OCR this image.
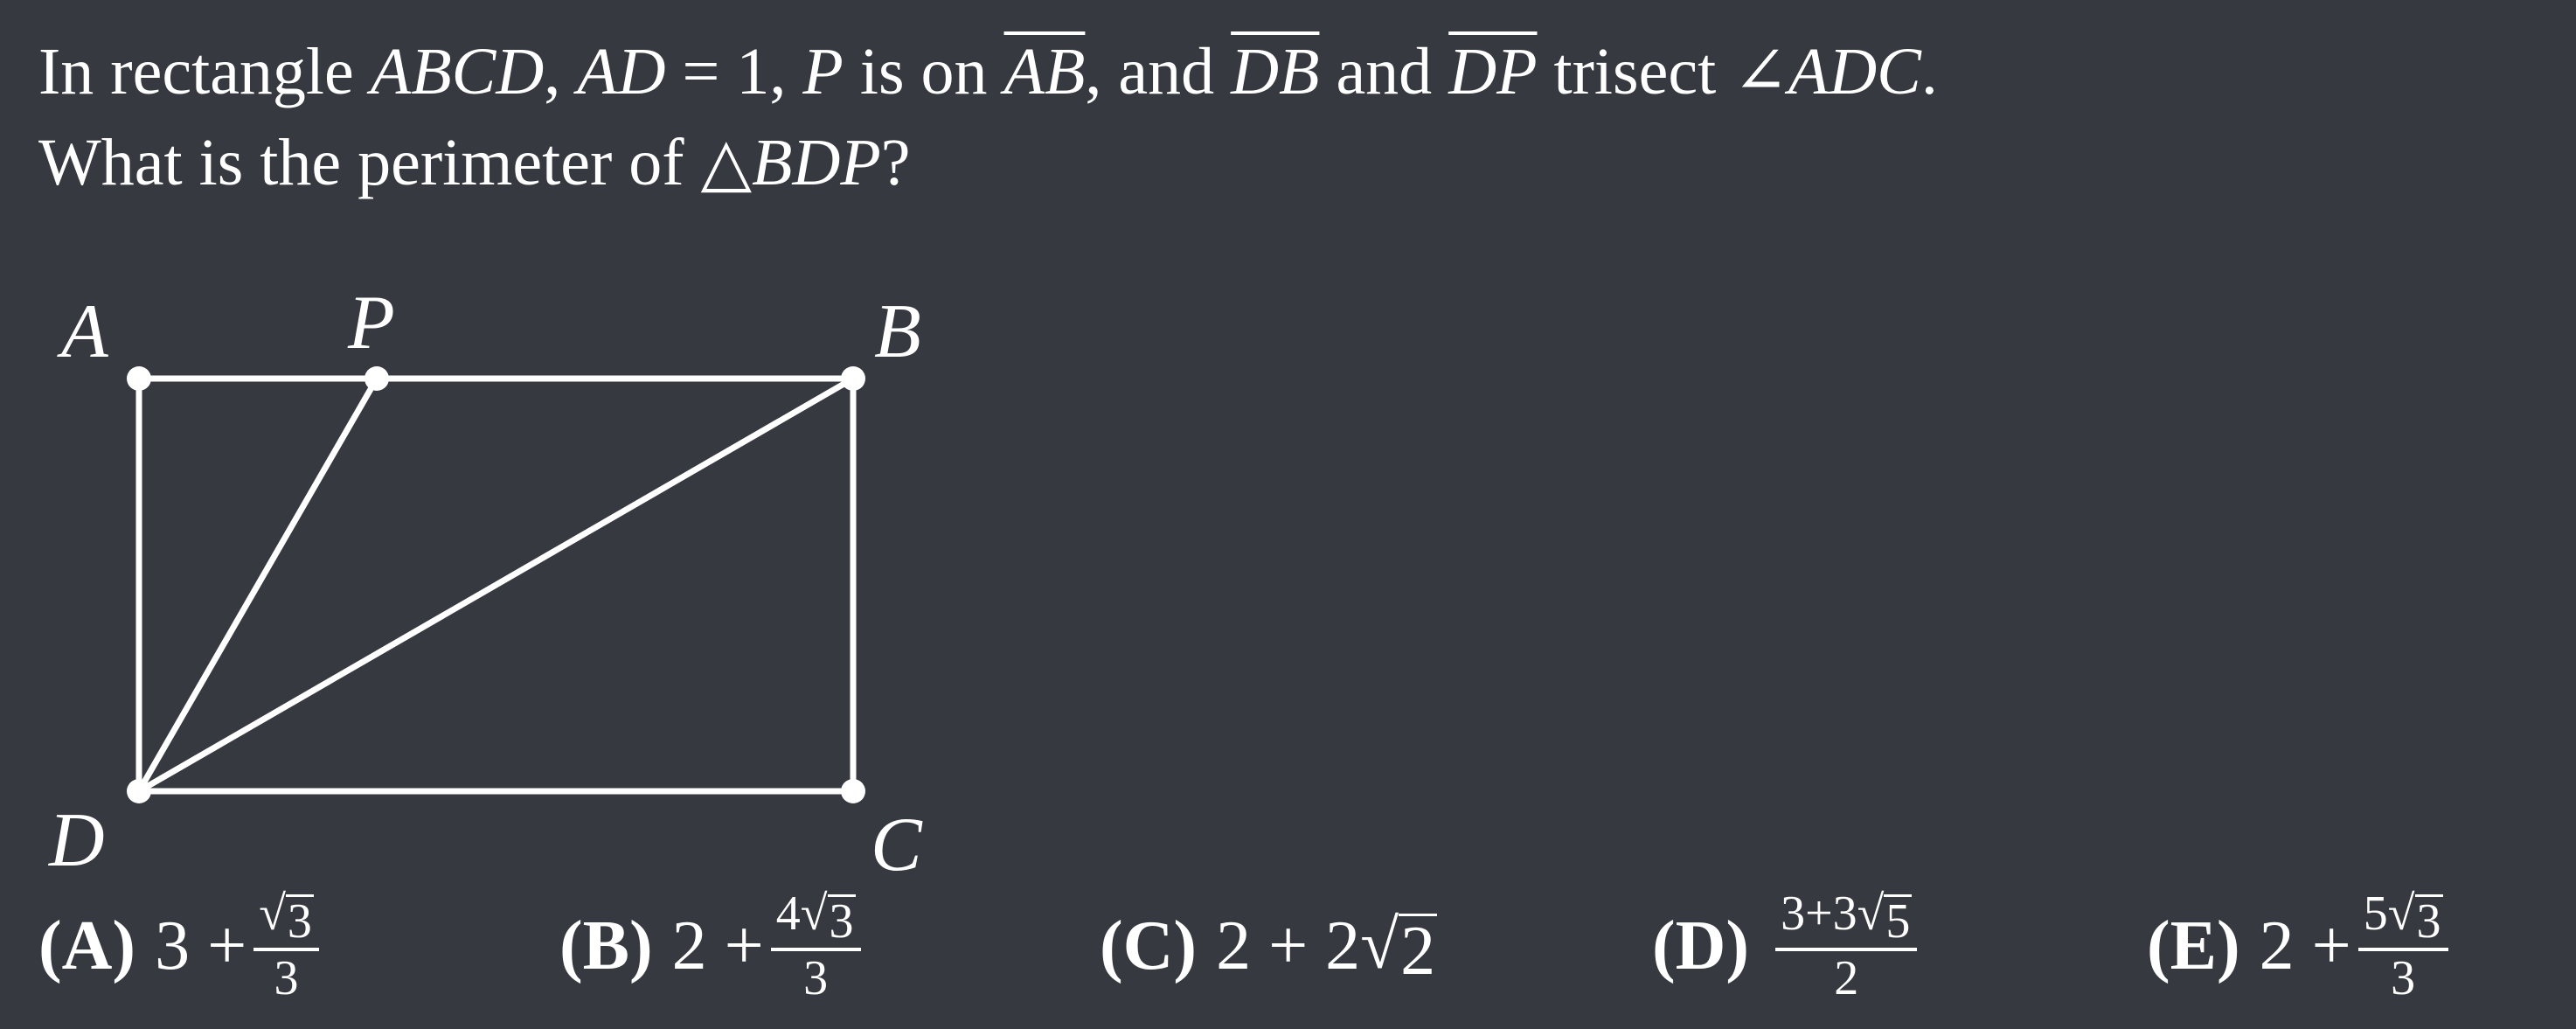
In rectangle ABCD, AD = 1, P is on $\overline{AB}$, and $\overline{DB}$ and $\overline{DP}$ trisect ∠ADC.
What is the perimeter of △BDP?
A	P	B
D	C
(A) $3 + \frac{√ 3}{3}$	(B) $2 + \frac{4 √ 3}{3}$	(C) 2 + 2 √ 2	$(D) \frac{3+3 √ 5}{2}$	(E) $2 + \frac{5 √ 3}{3}$
